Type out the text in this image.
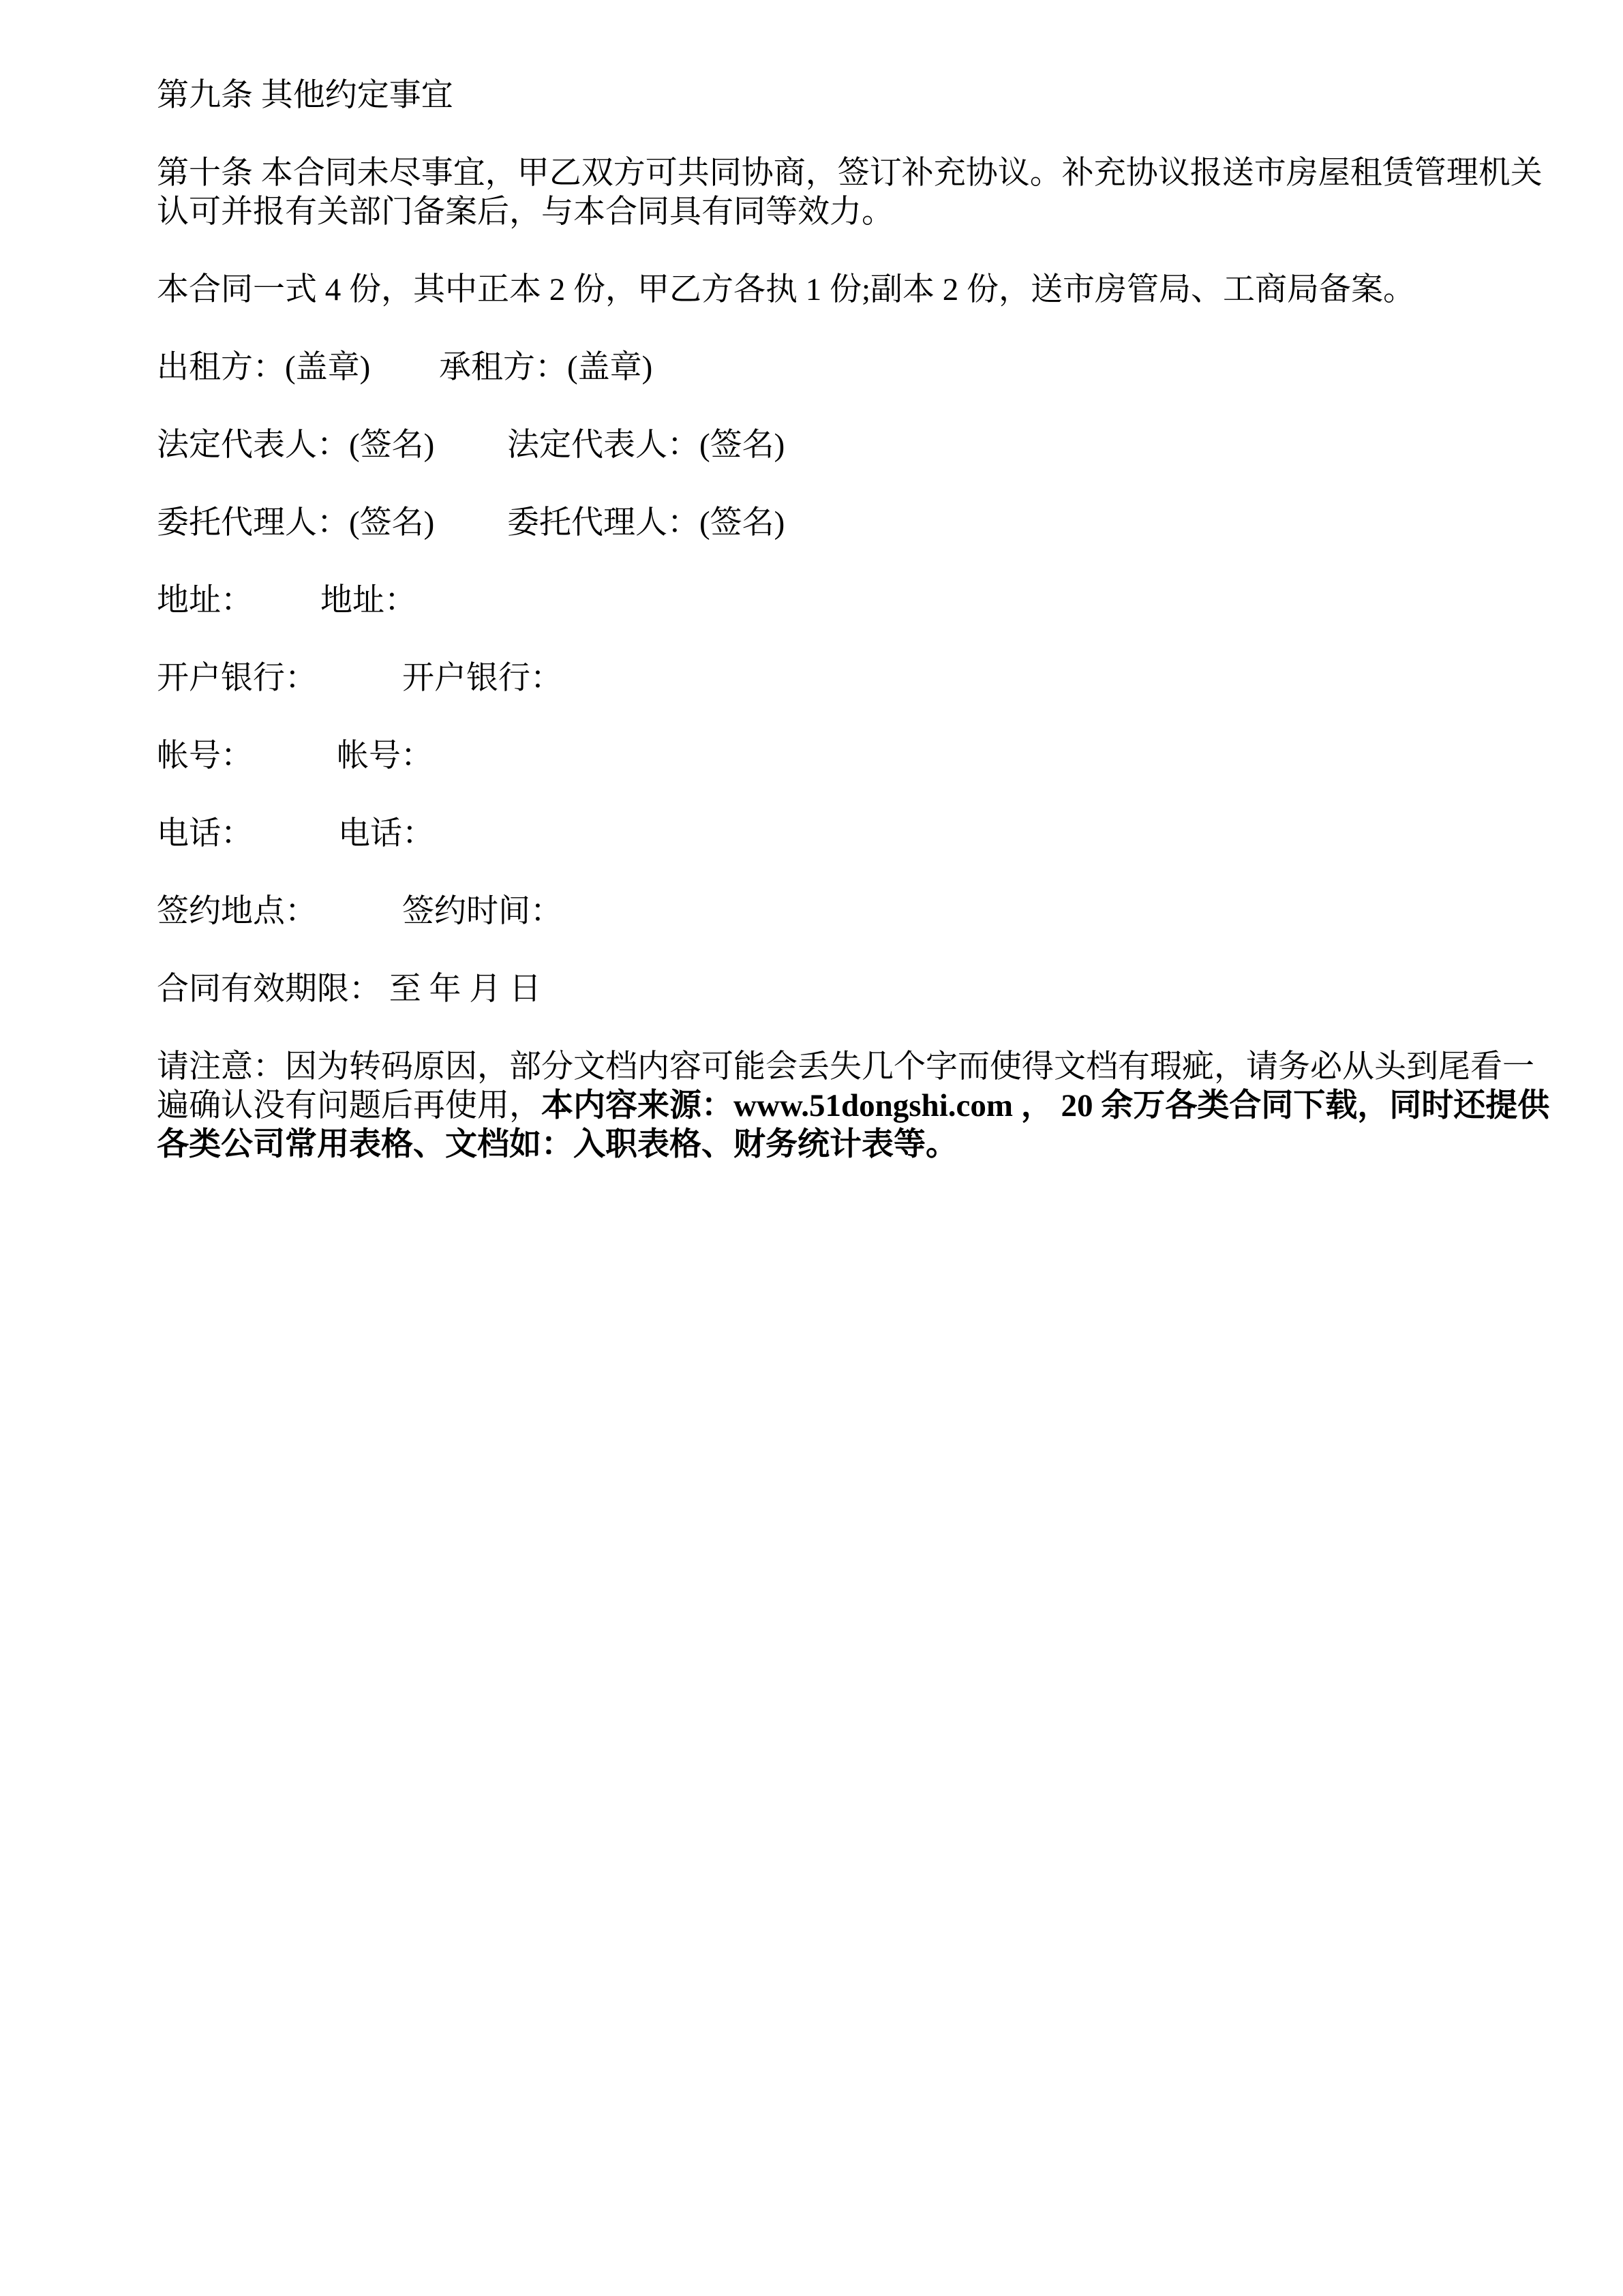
第九条 其他约定事宜

第十条 本合同未尽事宜，甲乙双方可共同协商，签订补充协议。补充协议报送市房屋租赁管理机关认可并报有关部门备案后，与本合同具有同等效力。

本合同一式 4 份，其中正本 2 份，甲乙方各执 1 份;副本 2 份，送市房管局、工商局备案。

出租方：(盖章) 承租方：(盖章)
法定代表人：(签名) 法定代表人：(签名)
委托代理人：(签名) 委托代理人：(签名)
地址： 地址：
开户银行：	开户银行：
帐号：	帐号：
电话：	电话：
签约地点：	签约时间：
合同有效期限： 至 年 月 日

请注意：因为转码原因，部分文档内容可能会丢失几个字而使得文档有瑕疵，请务必从头到尾看一遍确认没有问题后再使用，本内容来源：www.51dongshi.com ， 20 余万各类合同下载，同时还提供各类公司常用表格、文档如：入职表格、财务统计表等。
